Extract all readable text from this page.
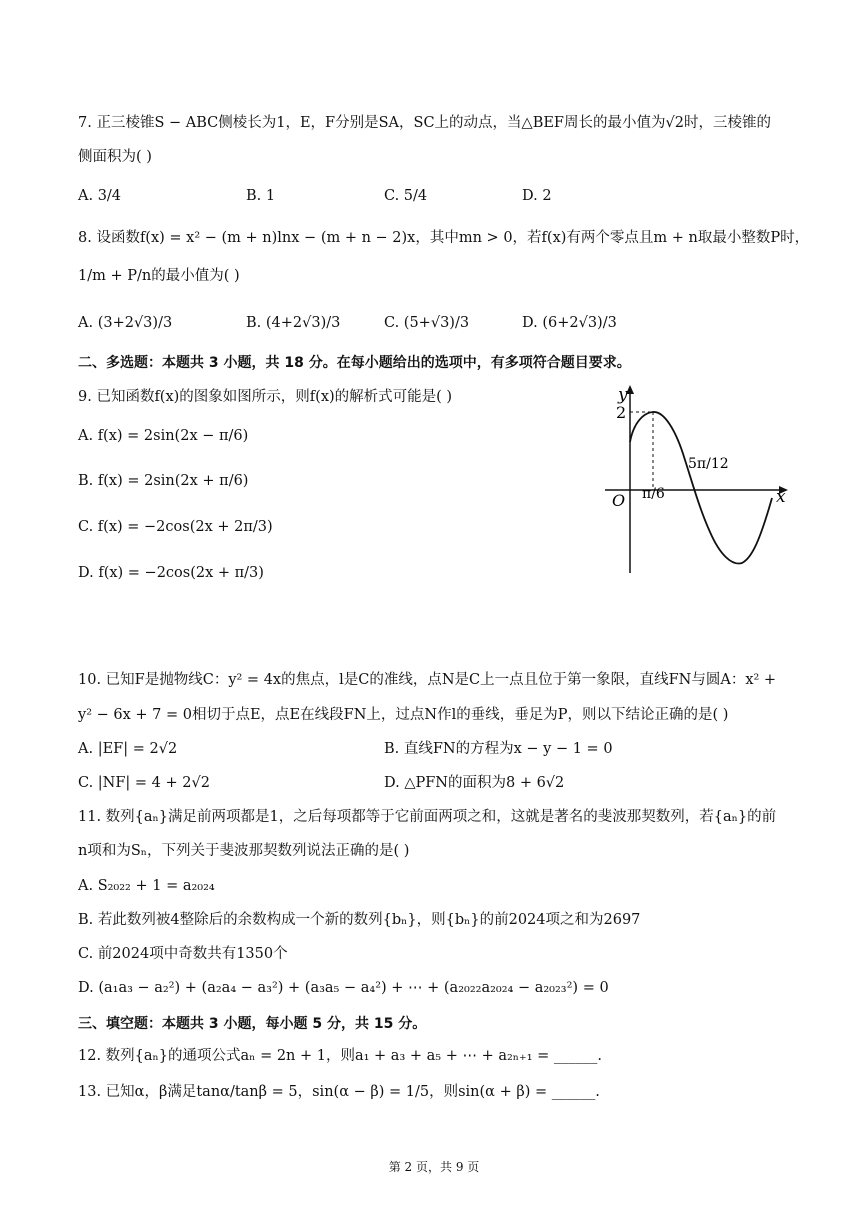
7. 正三棱锥S − ABC侧棱长为1，E，F分别是SA，SC上的动点，当△BEF周长的最小值为√2时，三棱锥的
侧面积为( )
A. 3/4	B. 1	C. 5/4	D. 2
8. 设函数f(x) = x² − (m + n)lnx − (m + n − 2)x，其中mn > 0，若f(x)有两个零点且m + n取最小整数P时，
1/m + P/n的最小值为( )
A. (3+2√3)/3	B. (4+2√3)/3	C. (5+√3)/3	D. (6+2√3)/3
二、多选题：本题共 3 小题，共 18 分。在每小题给出的选项中，有多项符合题目要求。
9. 已知函数f(x)的图象如图所示，则f(x)的解析式可能是( )
A. f(x) = 2sin(2x − π/6)
B. f(x) = 2sin(2x + π/6)
C. f(x) = −2cos(2x + 2π/3)
D. f(x) = −2cos(2x + π/3)
y
x
O
2
π/6
5π/12
10. 已知F是抛物线C：y² = 4x的焦点，l是C的准线，点N是C上一点且位于第一象限，直线FN与圆A：x² +
y² − 6x + 7 = 0相切于点E，点E在线段FN上，过点N作l的垂线，垂足为P，则以下结论正确的是( )
A. |EF| = 2√2	B. 直线FN的方程为x − y − 1 = 0
C. |NF| = 4 + 2√2	D. △PFN的面积为8 + 6√2
11. 数列{aₙ}满足前两项都是1，之后每项都等于它前面两项之和，这就是著名的斐波那契数列，若{aₙ}的前
n项和为Sₙ，下列关于斐波那契数列说法正确的是( )
A. S₂₀₂₂ + 1 = a₂₀₂₄
B. 若此数列被4整除后的余数构成一个新的数列{bₙ}，则{bₙ}的前2024项之和为2697
C. 前2024项中奇数共有1350个
D. (a₁a₃ − a₂²) + (a₂a₄ − a₃²) + (a₃a₅ − a₄²) + ⋯ + (a₂₀₂₂a₂₀₂₄ − a₂₀₂₃²) = 0
三、填空题：本题共 3 小题，每小题 5 分，共 15 分。
12. 数列{aₙ}的通项公式aₙ = 2n + 1，则a₁ + a₃ + a₅ + ⋯ + a₂ₙ₊₁ = ______.
13. 已知α，β满足tanα/tanβ = 5，sin(α − β) = 1/5，则sin(α + β) = ______.
第 2 页，共 9 页
